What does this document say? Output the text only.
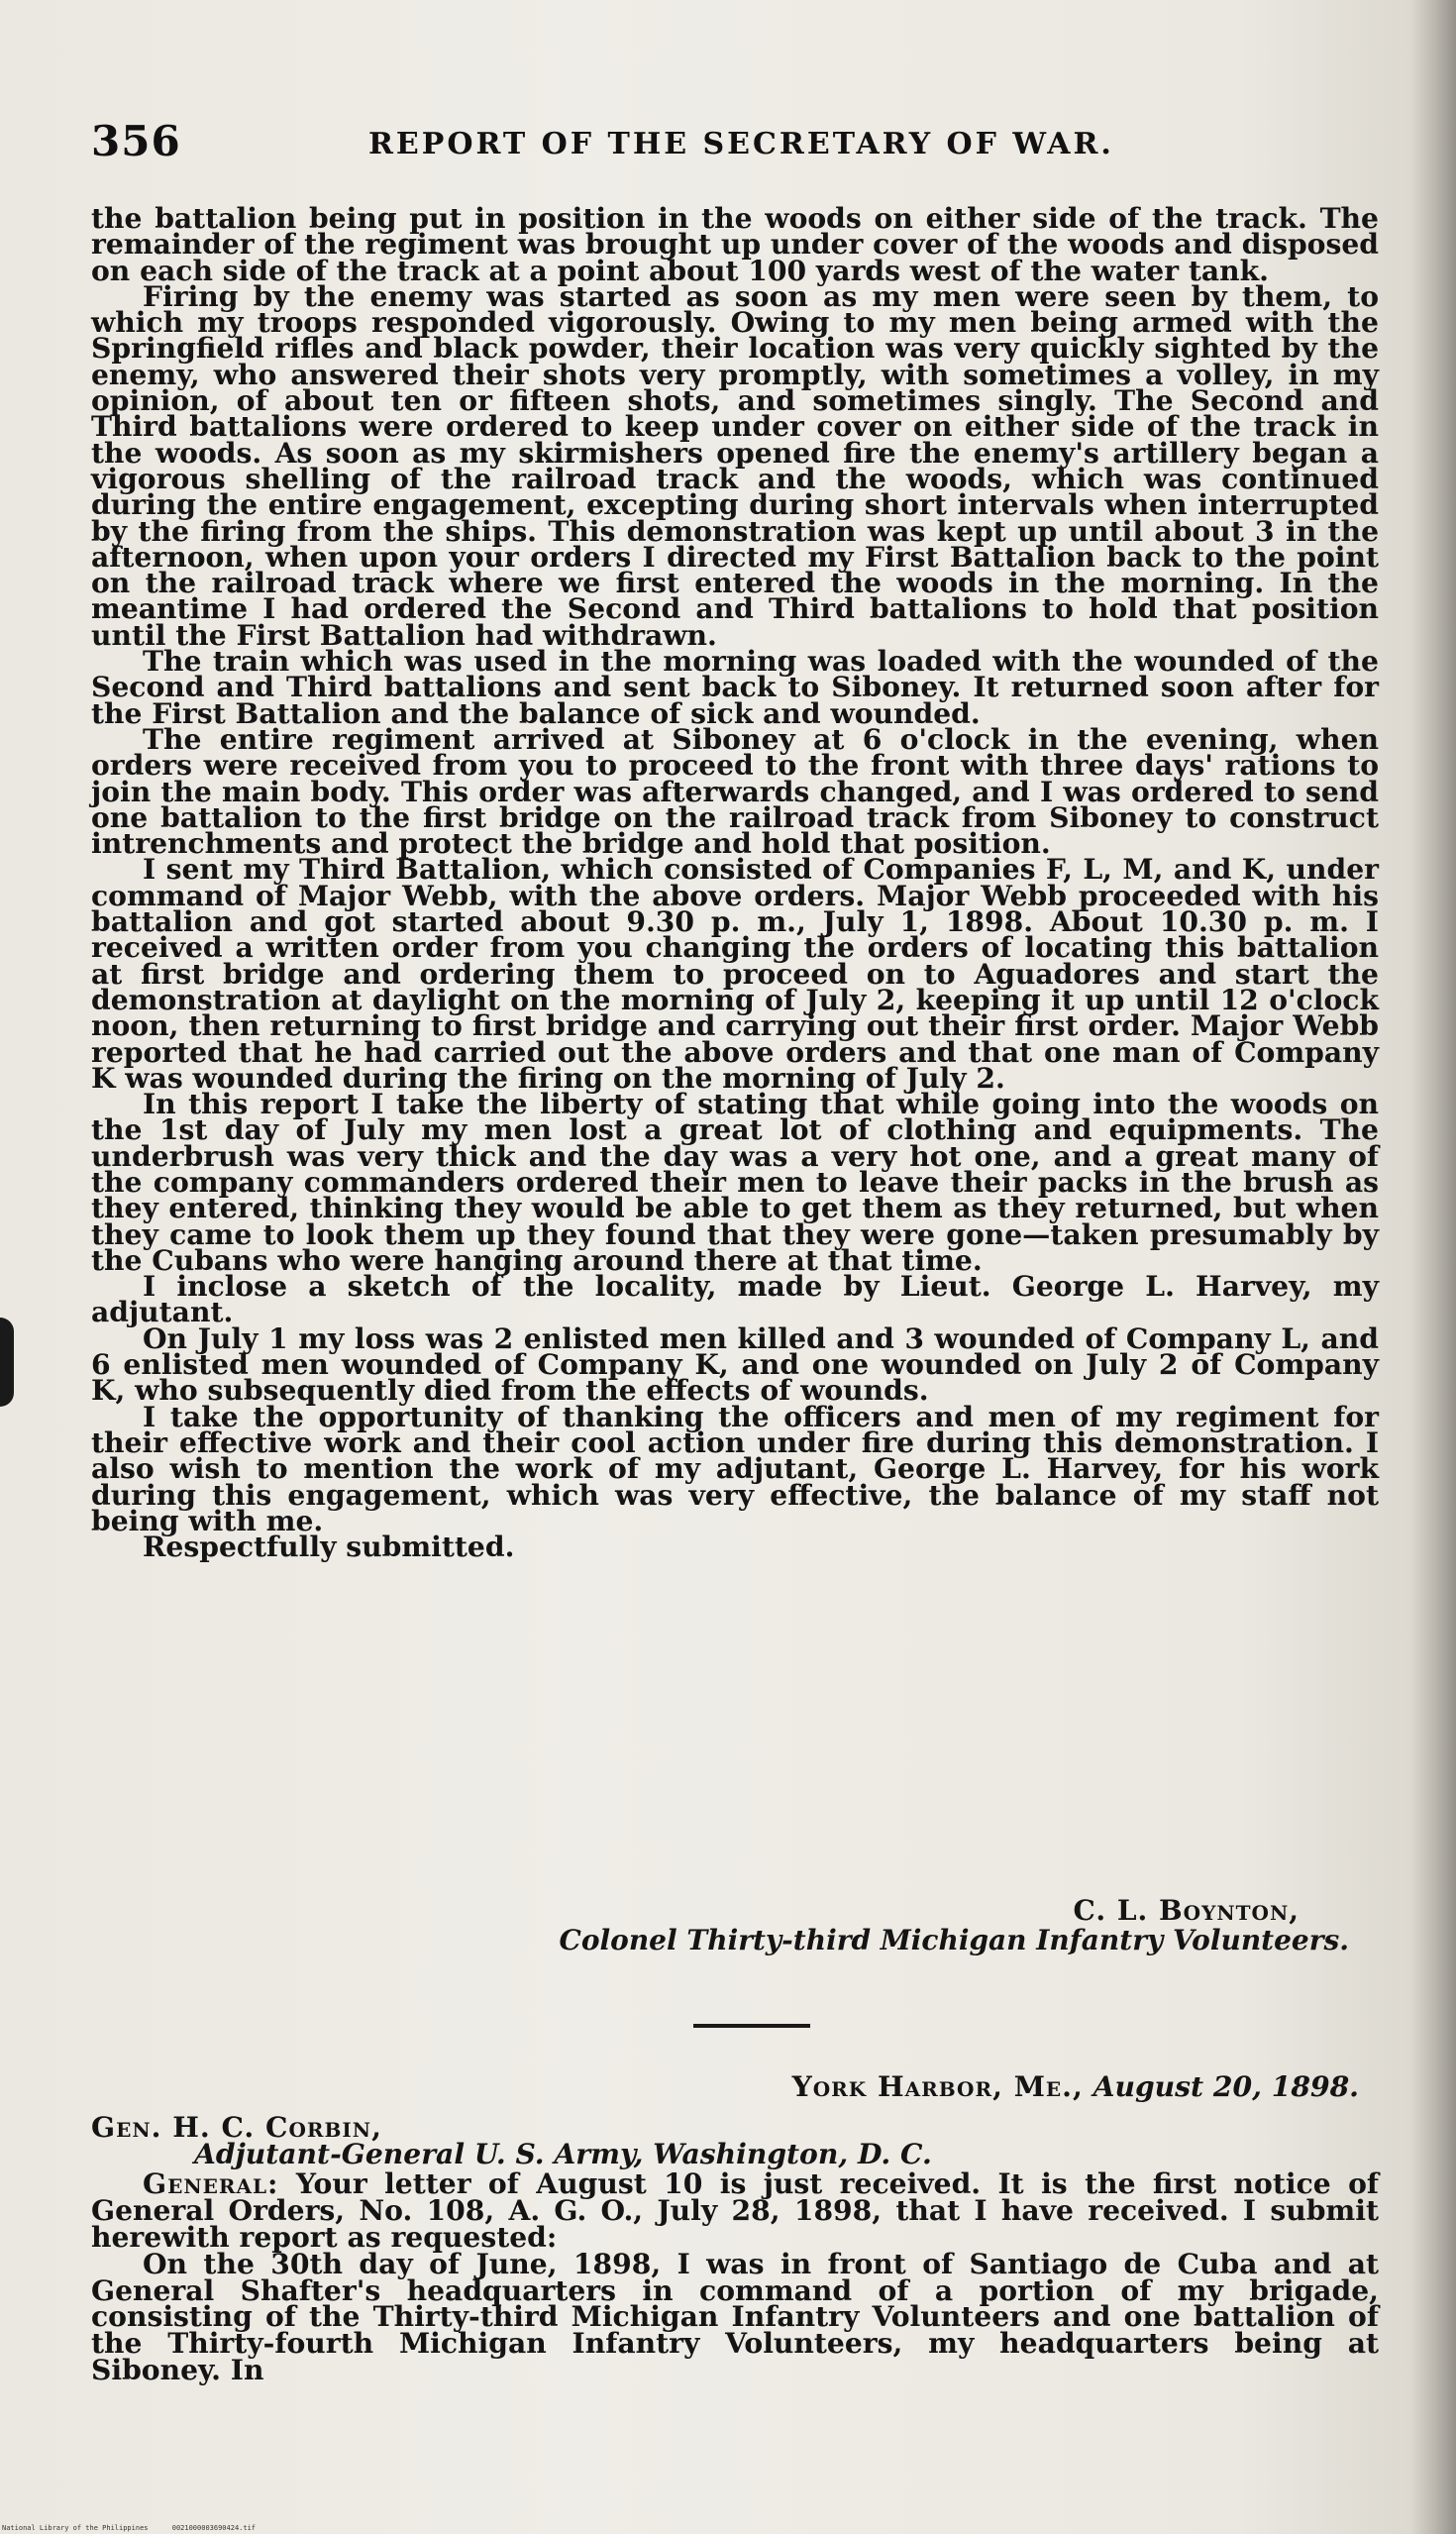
356	REPORT OF THE SECRETARY OF WAR.

the battalion being put in position in the woods on either side of the track. The remainder of the regiment was brought up under cover of the woods and disposed on each side of the track at a point about 100 yards west of the water tank.

Firing by the enemy was started as soon as my men were seen by them, to which my troops responded vigorously. Owing to my men being armed with the Springfield rifles and black powder, their location was very quickly sighted by the enemy, who answered their shots very promptly, with sometimes a volley, in my opinion, of about ten or fifteen shots, and sometimes singly. The Second and Third battalions were ordered to keep under cover on either side of the track in the woods. As soon as my skirmishers opened fire the enemy's artillery began a vigorous shelling of the railroad track and the woods, which was continued during the entire engagement, excepting during short intervals when interrupted by the firing from the ships. This demonstration was kept up until about 3 in the afternoon, when upon your orders I directed my First Battalion back to the point on the railroad track where we first entered the woods in the morning. In the meantime I had ordered the Second and Third battalions to hold that position until the First Battalion had withdrawn.

The train which was used in the morning was loaded with the wounded of the Second and Third battalions and sent back to Siboney. It returned soon after for the First Battalion and the balance of sick and wounded.

The entire regiment arrived at Siboney at 6 o'clock in the evening, when orders were received from you to proceed to the front with three days' rations to join the main body. This order was afterwards changed, and I was ordered to send one battalion to the first bridge on the railroad track from Siboney to construct intrenchments and protect the bridge and hold that position.

I sent my Third Battalion, which consisted of Companies F, L, M, and K, under command of Major Webb, with the above orders. Major Webb proceeded with his battalion and got started about 9.30 p. m., July 1, 1898. About 10.30 p. m. I received a written order from you changing the orders of locating this battalion at first bridge and ordering them to proceed on to Aguadores and start the demonstration at daylight on the morning of July 2, keeping it up until 12 o'clock noon, then returning to first bridge and carrying out their first order. Major Webb reported that he had carried out the above orders and that one man of Company K was wounded during the firing on the morning of July 2.

In this report I take the liberty of stating that while going into the woods on the 1st day of July my men lost a great lot of clothing and equipments. The underbrush was very thick and the day was a very hot one, and a great many of the company commanders ordered their men to leave their packs in the brush as they entered, thinking they would be able to get them as they returned, but when they came to look them up they found that they were gone—taken presumably by the Cubans who were hanging around there at that time.

I inclose a sketch of the locality, made by Lieut. George L. Harvey, my adjutant.

On July 1 my loss was 2 enlisted men killed and 3 wounded of Company L, and 6 enlisted men wounded of Company K, and one wounded on July 2 of Company K, who subsequently died from the effects of wounds.

I take the opportunity of thanking the officers and men of my regiment for their effective work and their cool action under fire during this demonstration. I also wish to mention the work of my adjutant, George L. Harvey, for his work during this engagement, which was very effective, the balance of my staff not being with me.

Respectfully submitted.

C. L. Boynton,
Colonel Thirty-third Michigan Infantry Volunteers.
York Harbor, Me., August 20, 1898.

Gen. H. C. Corbin,

Adjutant-General U. S. Army, Washington, D. C.

General: Your letter of August 10 is just received. It is the first notice of General Orders, No. 108, A. G. O., July 28, 1898, that I have received. I submit herewith report as requested:

On the 30th day of June, 1898, I was in front of Santiago de Cuba and at General Shafter's headquarters in command of a portion of my brigade, consisting of the Thirty-third Michigan Infantry Volunteers and one battalion of the Thirty-fourth Michigan Infantry Volunteers, my headquarters being at Siboney. In

National Library of the Philippines	0021000003690424.tif
